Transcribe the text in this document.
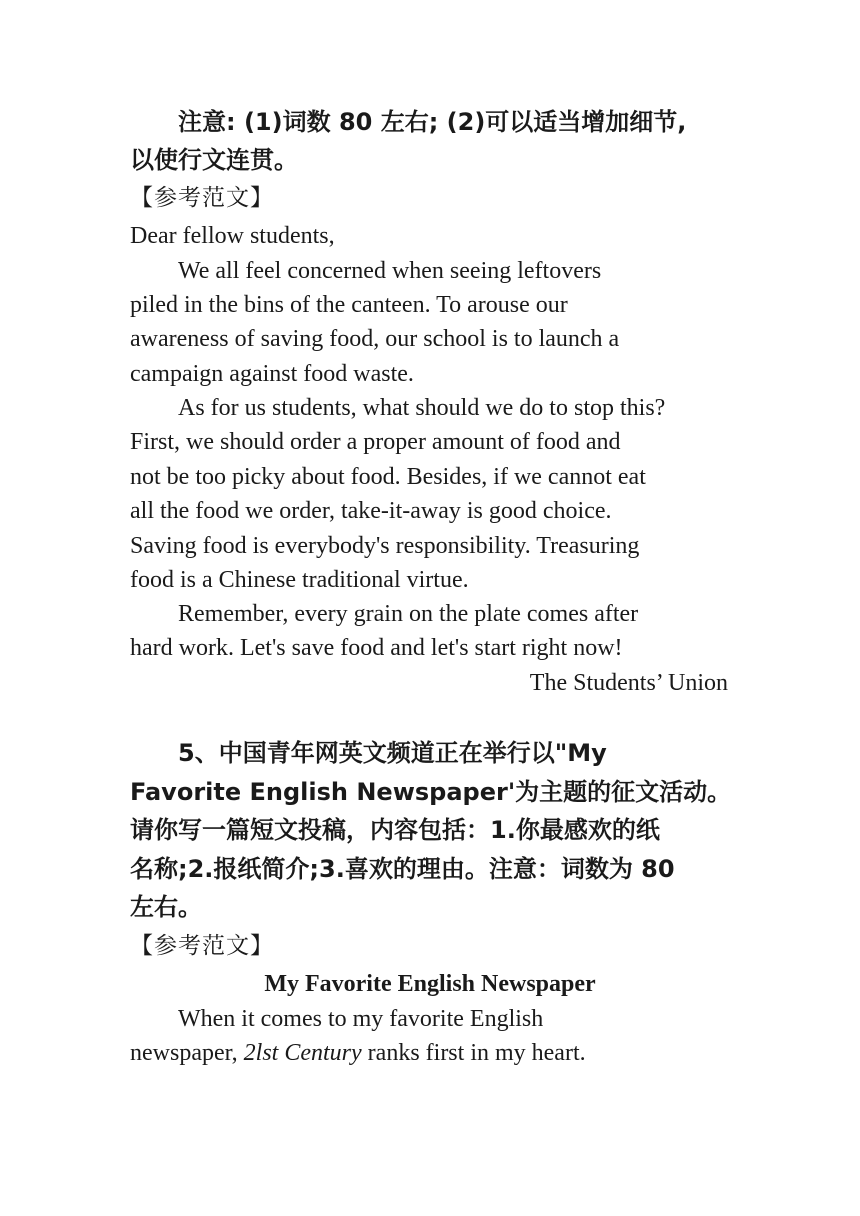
注意: (1)词数 80 左右; (2)可以适当增加细节,
以使行文连贯。
【参考范文】
Dear fellow students,
We all feel concerned when seeing leftovers
piled in the bins of the canteen. To arouse our
awareness of saving food, our school is to launch a
campaign against food waste.
As for us students, what should we do to stop this?
First, we should order a proper amount of food and
not be too picky about food. Besides, if we cannot eat
all the food we order, take-it-away is good choice.
Saving food is everybody's responsibility. Treasuring
food is a Chinese traditional virtue.
Remember, every grain on the plate comes after
hard work. Let's save food and let's start right now!
The Students’ Union
5、中国青年网英文频道正在举行以"My
Favorite English Newspaper'为主题的征文活动。
请你写一篇短文投稿，内容包括：1.你最感欢的纸
名称;2.报纸简介;3.喜欢的理由。注意：词数为 80
左右。
【参考范文】
My Favorite English Newspaper
When it comes to my favorite English
newspaper, 2lst Century ranks first in my heart.
